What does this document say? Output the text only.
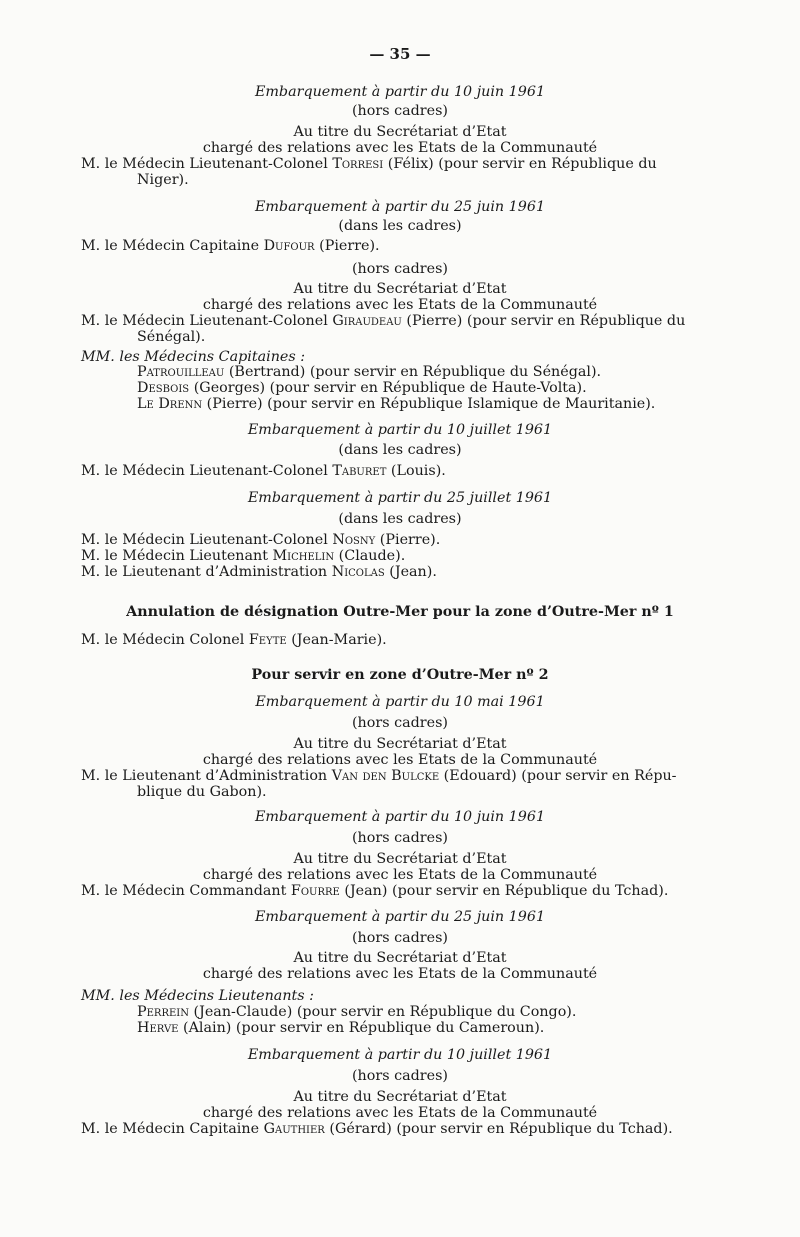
— 35 —
Embarquement à partir du 10 juin 1961
(hors cadres)
Au titre du Secrétariat d’Etat
chargé des relations avec les Etats de la Communauté
M. le Médecin Lieutenant-Colonel Torresi (Félix) (pour servir en République du
Niger).
Embarquement à partir du 25 juin 1961
(dans les cadres)
M. le Médecin Capitaine Dufour (Pierre).
(hors cadres)
Au titre du Secrétariat d’Etat
chargé des relations avec les Etats de la Communauté
M. le Médecin Lieutenant-Colonel Giraudeau (Pierre) (pour servir en République du
Sénégal).
MM. les Médecins Capitaines :
Patrouilleau (Bertrand) (pour servir en République du Sénégal).
Desbois (Georges) (pour servir en République de Haute-Volta).
Le Drenn (Pierre) (pour servir en République Islamique de Mauritanie).
Embarquement à partir du 10 juillet 1961
(dans les cadres)
M. le Médecin Lieutenant-Colonel Taburet (Louis).
Embarquement à partir du 25 juillet 1961
(dans les cadres)
M. le Médecin Lieutenant-Colonel Nosny (Pierre).
M. le Médecin Lieutenant Michelin (Claude).
M. le Lieutenant d’Administration Nicolas (Jean).
Annulation de désignation Outre-Mer pour la zone d’Outre-Mer nº 1
M. le Médecin Colonel Feyte (Jean-Marie).
Pour servir en zone d’Outre-Mer nº 2
Embarquement à partir du 10 mai 1961
(hors cadres)
Au titre du Secrétariat d’Etat
chargé des relations avec les Etats de la Communauté
M. le Lieutenant d’Administration Van den Bulcke (Edouard) (pour servir en Répu-
blique du Gabon).
Embarquement à partir du 10 juin 1961
(hors cadres)
Au titre du Secrétariat d’Etat
chargé des relations avec les Etats de la Communauté
M. le Médecin Commandant Fourre (Jean) (pour servir en République du Tchad).
Embarquement à partir du 25 juin 1961
(hors cadres)
Au titre du Secrétariat d’Etat
chargé des relations avec les Etats de la Communauté
MM. les Médecins Lieutenants :
Perrein (Jean-Claude) (pour servir en République du Congo).
Herve (Alain) (pour servir en République du Cameroun).
Embarquement à partir du 10 juillet 1961
(hors cadres)
Au titre du Secrétariat d’Etat
chargé des relations avec les Etats de la Communauté
M. le Médecin Capitaine Gauthier (Gérard) (pour servir en République du Tchad).
